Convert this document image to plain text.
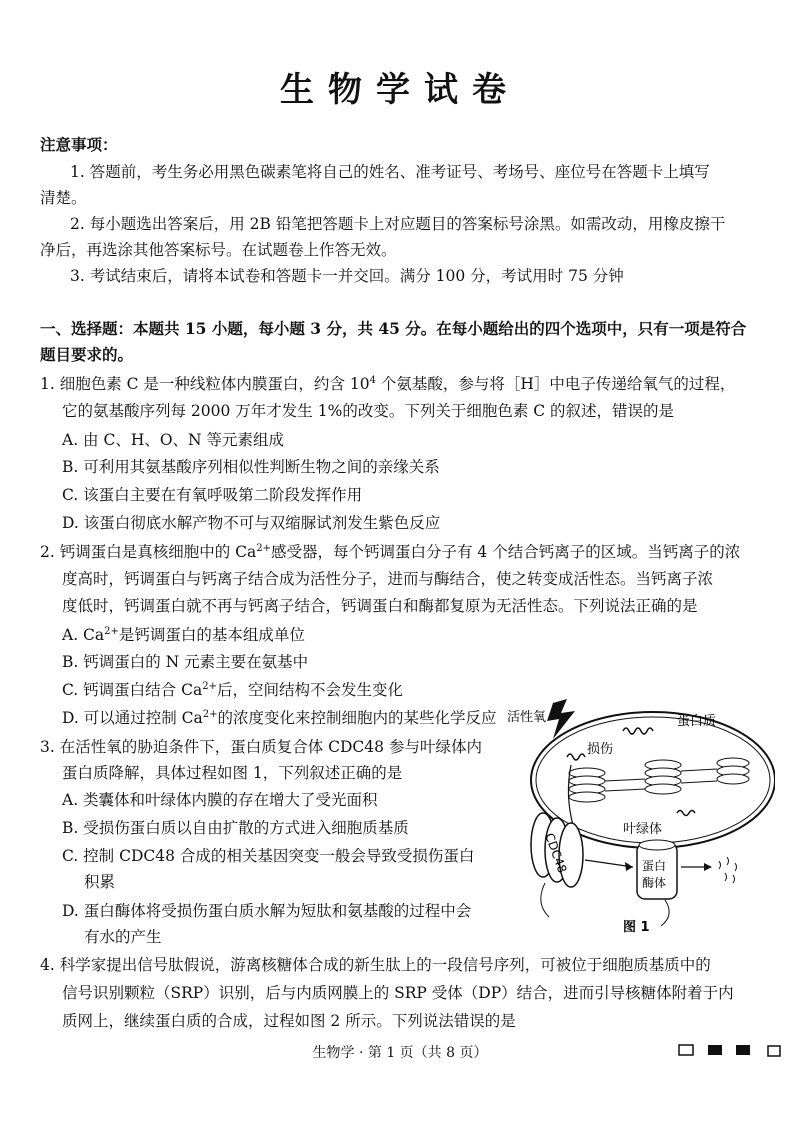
生物学试卷
注意事项：
1. 答题前，考生务必用黑色碳素笔将自己的姓名、准考证号、考场号、座位号在答题卡上填写
清楚。
2. 每小题选出答案后，用 2B 铅笔把答题卡上对应题目的答案标号涂黑。如需改动，用橡皮擦干
净后，再选涂其他答案标号。在试题卷上作答无效。
3. 考试结束后，请将本试卷和答题卡一并交回。满分 100 分，考试用时 75 分钟
一、选择题：本题共 15 小题，每小题 3 分，共 45 分。在每小题给出的四个选项中，只有一项是符合
题目要求的。
1. 细胞色素 C 是一种线粒体内膜蛋白，约含 $10^4$ 个氨基酸，参与将［H］中电子传递给氧气的过程，
它的氨基酸序列每 2000 万年才发生 1%的改变。下列关于细胞色素 C 的叙述，错误的是
A. 由 C、H、O、N 等元素组成
B. 可利用其氨基酸序列相似性判断生物之间的亲缘关系
C. 该蛋白主要在有氧呼吸第二阶段发挥作用
D. 该蛋白彻底水解产物不可与双缩脲试剂发生紫色反应
2. 钙调蛋白是真核细胞中的 $Ca^{2+}$感受器，每个钙调蛋白分子有 4 个结合钙离子的区域。当钙离子的浓
度高时，钙调蛋白与钙离子结合成为活性分子，进而与酶结合，使之转变成活性态。当钙离子浓
度低时，钙调蛋白就不再与钙离子结合，钙调蛋白和酶都复原为无活性态。下列说法正确的是
A. $Ca^{2+}$是钙调蛋白的基本组成单位
B. 钙调蛋白的 N 元素主要在氨基中
C. 钙调蛋白结合 $Ca^{2+}$后，空间结构不会发生变化
D. 可以通过控制 $Ca^{2+}$的浓度变化来控制细胞内的某些化学反应
3. 在活性氧的胁迫条件下，蛋白质复合体 CDC48 参与叶绿体内
蛋白质降解，具体过程如图 1，下列叙述正确的是
A. 类囊体和叶绿体内膜的存在增大了受光面积
B. 受损伤蛋白质以自由扩散的方式进入细胞质基质
C. 控制 CDC48 合成的相关基因突变一般会导致受损伤蛋白
积累
D. 蛋白酶体将受损伤蛋白质水解为短肽和氨基酸的过程中会
有水的产生
活性氧	蛋白质
损伤
叶绿体
CDC48	蛋白
酶体
图 1
4. 科学家提出信号肽假说，游离核糖体合成的新生肽上的一段信号序列，可被位于细胞质基质中的
信号识别颗粒（SRP）识别，后与内质网膜上的 SRP 受体（DP）结合，进而引导核糖体附着于内
质网上，继续蛋白质的合成，过程如图 2 所示。下列说法错误的是
生物学 · 第 1 页（共 8 页）
